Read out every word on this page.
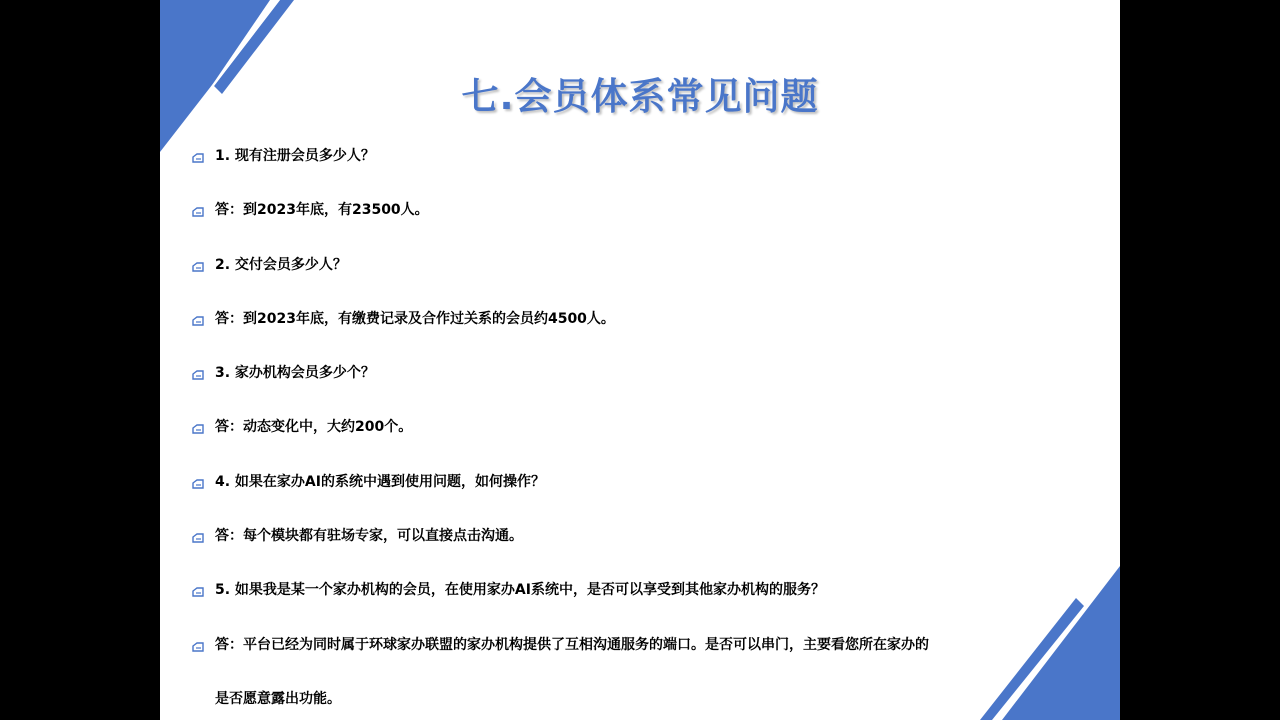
七.会员体系常见问题
1. 现有注册会员多少人？
答：到2023年底，有23500人。
2. 交付会员多少人？
答：到2023年底，有缴费记录及合作过关系的会员约4500人。
3. 家办机构会员多少个？
答：动态变化中，大约200个。
4. 如果在家办AI的系统中遇到使用问题，如何操作？
答：每个模块都有驻场专家，可以直接点击沟通。
5. 如果我是某一个家办机构的会员，在使用家办AI系统中，是否可以享受到其他家办机构的服务？
答：平台已经为同时属于环球家办联盟的家办机构提供了互相沟通服务的端口。是否可以串门，主要看您所在家办的
是否愿意露出功能。
